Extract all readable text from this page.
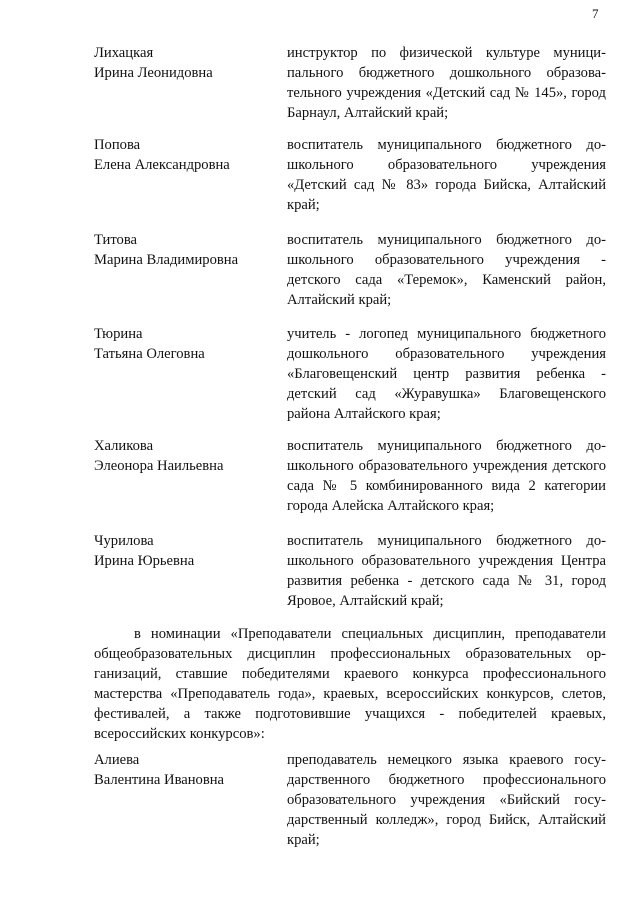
7
Лихацкая
Ирина Леонидовна
инструктор по физической культуре муниципального бюджетного дошкольного образовательного учреждения «Детский сад № 145», город Барнаул, Алтайский край;
Попова
Елена Александровна
воспитатель муниципального бюджетного дошкольного образовательного учреждения «Детский сад № 83» города Бийска, Алтайский край;
Титова
Марина Владимировна
воспитатель муниципального бюджетного дошкольного образовательного учреждения - детского сада «Теремок», Каменский район, Алтайский край;
Тюрина
Татьяна Олеговна
учитель - логопед муниципального бюджетного дошкольного образовательного учреждения «Благовещенский центр развития ребенка - детский сад «Журавушка» Благовещенского района Алтайского края;
Халикова
Элеонора Наильевна
воспитатель муниципального бюджетного дошкольного образовательного учреждения детского сада № 5 комбинированного вида 2 категории города Алейска Алтайского края;
Чурилова
Ирина Юрьевна
воспитатель муниципального бюджетного дошкольного образовательного учреждения Центра развития ребенка - детского сада № 31, город Яровое, Алтайский край;
в номинации «Преподаватели специальных дисциплин, преподаватели общеобразовательных дисциплин профессиональных образовательных организаций, ставшие победителями краевого конкурса профессионального мастерства «Преподаватель года», краевых, всероссийских конкурсов, слетов, фестивалей, а также подготовившие учащихся - победителей краевых, всероссийских конкурсов»:
Алиева
Валентина Ивановна
преподаватель немецкого языка краевого государственного бюджетного профессионального образовательного учреждения «Бийский государственный колледж», город Бийск, Алтайский край;
